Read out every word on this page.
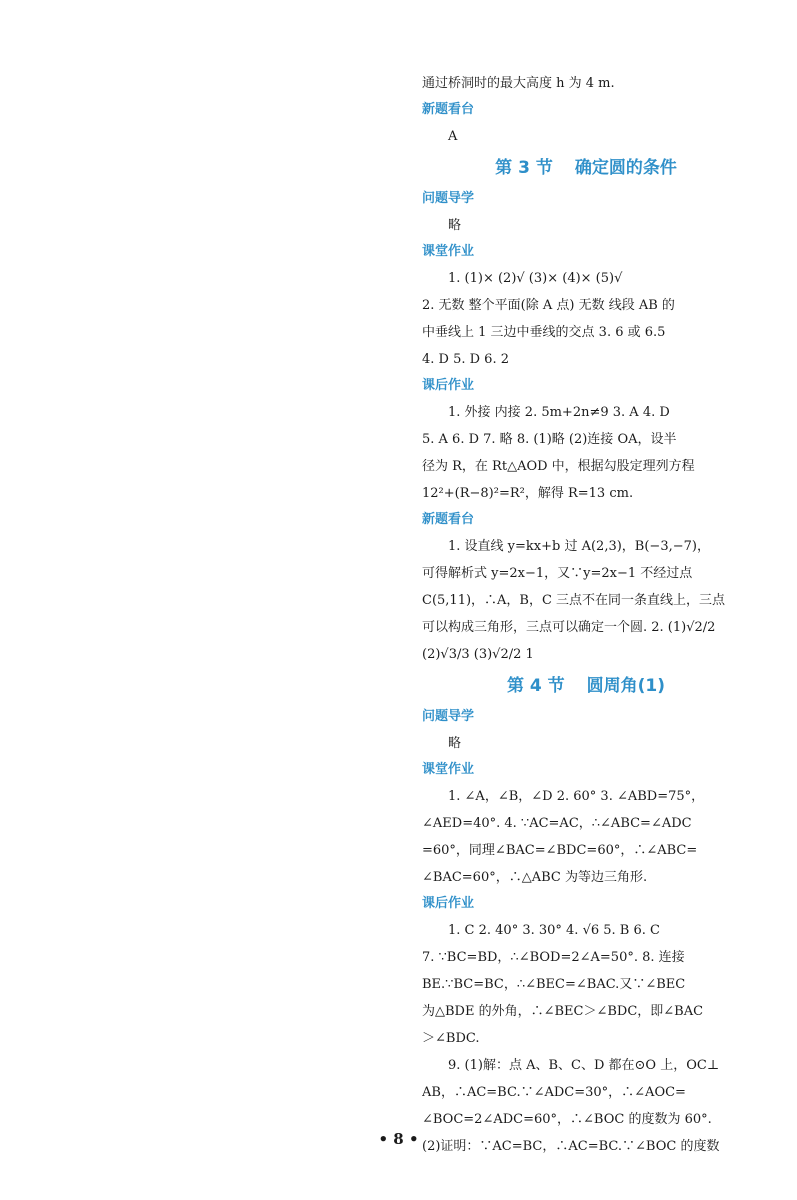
通过桥洞时的最大高度 h 为 4 m.
新题看台
A
第 3 节 确定圆的条件
问题导学
略
课堂作业
1. (1)× (2)√ (3)× (4)× (5)√
2. 无数 整个平面(除 A 点) 无数 线段 AB 的
中垂线上 1 三边中垂线的交点 3. 6 或 6.5
4. D 5. D 6. 2
课后作业
1. 外接 内接 2. 5m+2n≠9 3. A 4. D
5. A 6. D 7. 略 8. (1)略 (2)连接 OA，设半
径为 R，在 Rt△AOD 中，根据勾股定理列方程
12²+(R−8)²=R²，解得 R=13 cm.
新题看台
1. 设直线 y=kx+b 过 A(2,3)，B(−3,−7)，
可得解析式 y=2x−1，又∵y=2x−1 不经过点
C(5,11)，∴A，B，C 三点不在同一条直线上，三点
可以构成三角形，三点可以确定一个圆. 2. (1)√2/2
(2)√3/3 (3)√2/2 1
第 4 节 圆周角(1)
问题导学
略
课堂作业
1. ∠A，∠B，∠D 2. 60° 3. ∠ABD=75°，
∠AED=40°. 4. ∵AC=AC，∴∠ABC=∠ADC
=60°，同理∠BAC=∠BDC=60°，∴∠ABC=
∠BAC=60°，∴△ABC 为等边三角形.
课后作业
1. C 2. 40° 3. 30° 4. √6 5. B 6. C
7. ∵BC=BD，∴∠BOD=2∠A=50°. 8. 连接
BE.∵BC=BC，∴∠BEC=∠BAC.又∵∠BEC
为△BDE 的外角，∴∠BEC＞∠BDC，即∠BAC
＞∠BDC.
9. (1)解：点 A、B、C、D 都在⊙O 上，OC⊥
AB，∴AC=BC.∵∠ADC=30°，∴∠AOC=
∠BOC=2∠ADC=60°，∴∠BOC 的度数为 60°.
(2)证明：∵AC=BC，∴AC=BC.∵∠BOC 的度数
• 8 •
